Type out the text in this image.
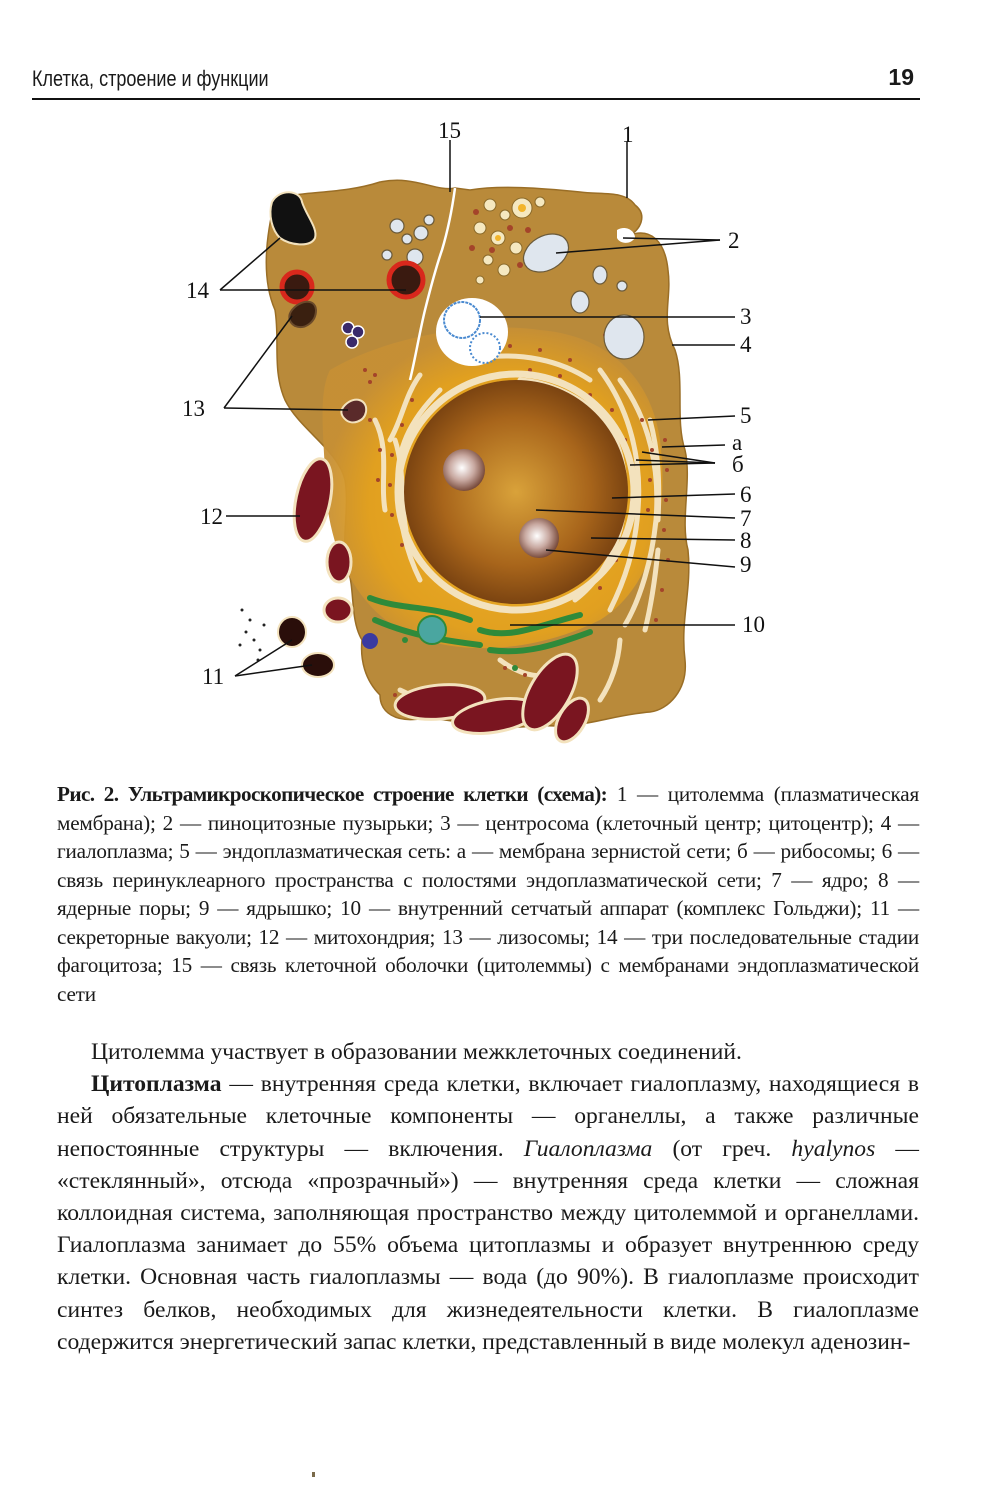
Клетка, строение и функции	19
15	1
2
3
4
5
а
б
6
7
8
9
10
11
12
13
14
Рис. 2. Ультрамикроскопическое строение клетки (схема): 1 — цитолемма (плазматическая мембрана); 2 — пиноцитозные пузырьки; 3 — центросома (клеточный центр; цитоцентр); 4 — гиалоплазма; 5 — эндоплазматическая сеть: а — мембрана зернистой сети; б — рибосомы; 6 — связь перинуклеарного пространства с полостями эндоплазматической сети; 7 — ядро; 8 — ядерные поры; 9 — ядрышко; 10 — внутренний сетчатый аппарат (комплекс Гольджи); 11 — секреторные вакуоли; 12 — митохондрия; 13 — лизосомы; 14 — три последовательные стадии фагоцитоза; 15 — связь клеточной оболочки (цитолеммы) с мембранами эндоплазматической сети

Цитолемма участвует в образовании межклеточных соединений.

Цитоплазма — внутренняя среда клетки, включает гиалоплазму, находящиеся в ней обязательные клеточные компоненты — органеллы, а также различные непостоянные структуры — включения. Гиалоплазма (от греч. hyalynos — «стеклянный», отсюда «прозрачный») — внутренняя среда клетки — сложная коллоидная система, заполняющая пространство между цитолеммой и органеллами. Гиалоплазма занимает до 55% объема цитоплазмы и образует внутреннюю среду клетки. Основная часть гиалоплазмы — вода (до 90%). В гиалоплазме происходит синтез белков, необходимых для жизнедеятельности клетки. В гиалоплазме содержится энергетический запас клетки, представленный в виде молекул аденозин-
